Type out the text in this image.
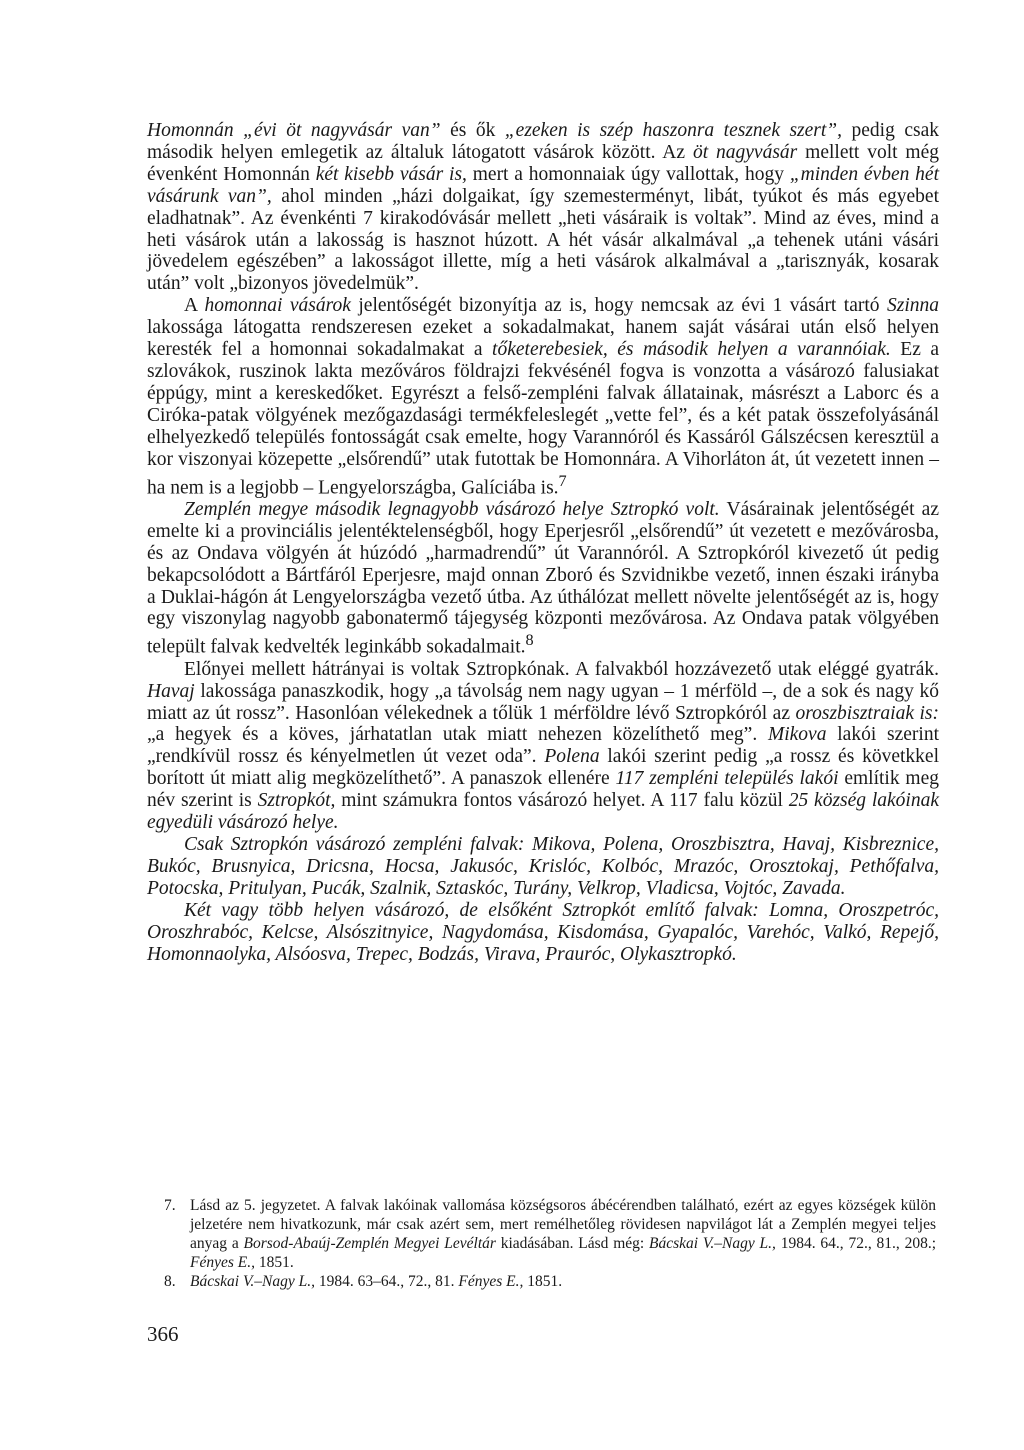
Homonnán „évi öt nagyvásár van” és ők „ezeken is szép haszonra tesznek szert”, pedig csak második helyen emlegetik az általuk látogatott vásárok között. Az öt nagyvásár mellett volt még évenként Homonnán két kisebb vásár is, mert a homonnaiak úgy vallottak, hogy „minden évben hét vásárunk van”, ahol minden „házi dolgaikat, így szemesterményt, libát, tyúkot és más egyebet eladhatnak”. Az évenkénti 7 kirakodóvásár mellett „heti vásáraik is voltak”. Mind az éves, mind a heti vásárok után a lakosság is hasznot húzott. A hét vásár alkalmával „a tehenek utáni vásári jövedelem egészében” a lakosságot illette, míg a heti vásárok alkalmával a „tarisznyák, kosarak után” volt „bizonyos jövedelmük”.

A homonnai vásárok jelentőségét bizonyítja az is, hogy nemcsak az évi 1 vásárt tartó Szinna lakossága látogatta rendszeresen ezeket a sokadalmakat, hanem saját vásárai után első helyen keresték fel a homonnai sokadalmakat a tőketerebesiek, és második helyen a varannóiak. Ez a szlovákok, ruszinok lakta mezőváros földrajzi fekvésénél fogva is vonzotta a vásározó falusiakat éppúgy, mint a kereskedőket. Egyrészt a felső-zempléni falvak állatainak, másrészt a Laborc és a Ciróka-patak völgyének mezőgazdasági termékfeleslegét „vette fel”, és a két patak összefolyásánál elhelyezkedő település fontosságát csak emelte, hogy Varannóról és Kassáról Gálszécsen keresztül a kor viszonyai közepette „elsőrendű” utak futottak be Homonnára. A Vihorláton át, út vezetett innen – ha nem is a legjobb – Lengyelországba, Galíciába is.$^7$

Zemplén megye második legnagyobb vásározó helye Sztropkó volt. Vásárainak jelentőségét az emelte ki a provinciális jelentéktelenségből, hogy Eperjesről „elsőrendű” út vezetett e mezővárosba, és az Ondava völgyén át húzódó „harmadrendű” út Varannóról. A Sztropkóról kivezető út pedig bekapcsolódott a Bártfáról Eperjesre, majd onnan Zboró és Szvidnikbe vezető, innen északi irányba a Duklai-hágón át Lengyelországba vezető útba. Az úthálózat mellett növelte jelentőségét az is, hogy egy viszonylag nagyobb gabonatermő tájegység központi mezővárosa. Az Ondava patak völgyében települt falvak kedvelték leginkább sokadalmait.$^8$

Előnyei mellett hátrányai is voltak Sztropkónak. A falvakból hozzávezető utak eléggé gyatrák. Havaj lakossága panaszkodik, hogy „a távolság nem nagy ugyan – 1 mérföld –, de a sok és nagy kő miatt az út rossz”. Hasonlóan vélekednek a tőlük 1 mérföldre lévő Sztropkóról az oroszbisztraiak is: „a hegyek és a köves, járhatatlan utak miatt nehezen közelíthető meg”. Mikova lakói szerint „rendkívül rossz és kényelmetlen út vezet oda”. Polena lakói szerint pedig „a rossz és követkkel borított út miatt alig megközelíthető”. A panaszok ellenére 117 zempléni település lakói említik meg név szerint is Sztropkót, mint számukra fontos vásározó helyet. A 117 falu közül 25 község lakóinak egyedüli vásározó helye.

Csak Sztropkón vásározó zempléni falvak: Mikova, Polena, Oroszbisztra, Havaj, Kisbreznice, Bukóc, Brusnyica, Dricsna, Hocsa, Jakusóc, Krislóc, Kolbóc, Mrazóc, Orosztokaj, Pethőfalva, Potocska, Pritulyan, Pucák, Szalnik, Sztaskóc, Turány, Velkrop, Vladicsa, Vojtóc, Zavada.

Két vagy több helyen vásározó, de elsőként Sztropkót említő falvak: Lomna, Oroszpetróc, Oroszhrabóc, Kelcse, Alsószitnyice, Nagydomása, Kisdomása, Gyapalóc, Varehóc, Valkó, Repejő, Homonnaolyka, Alsóosva, Trepec, Bodzás, Virava, Prauróc, Olykasztropkó.

7. Lásd az 5. jegyzetet. A falvak lakóinak vallomása községsoros ábécérendben található, ezért az egyes községek külön jelzetére nem hivatkozunk, már csak azért sem, mert remélhetőleg rövidesen napvilágot lát a Zemplén megyei teljes anyag a Borsod-Abaúj-Zemplén Megyei Levéltár kiadásában. Lásd még: Bácskai V.–Nagy L., 1984. 64., 72., 81., 208.; Fényes E., 1851.
8. Bácskai V.–Nagy L., 1984. 63–64., 72., 81. Fényes E., 1851.
366
